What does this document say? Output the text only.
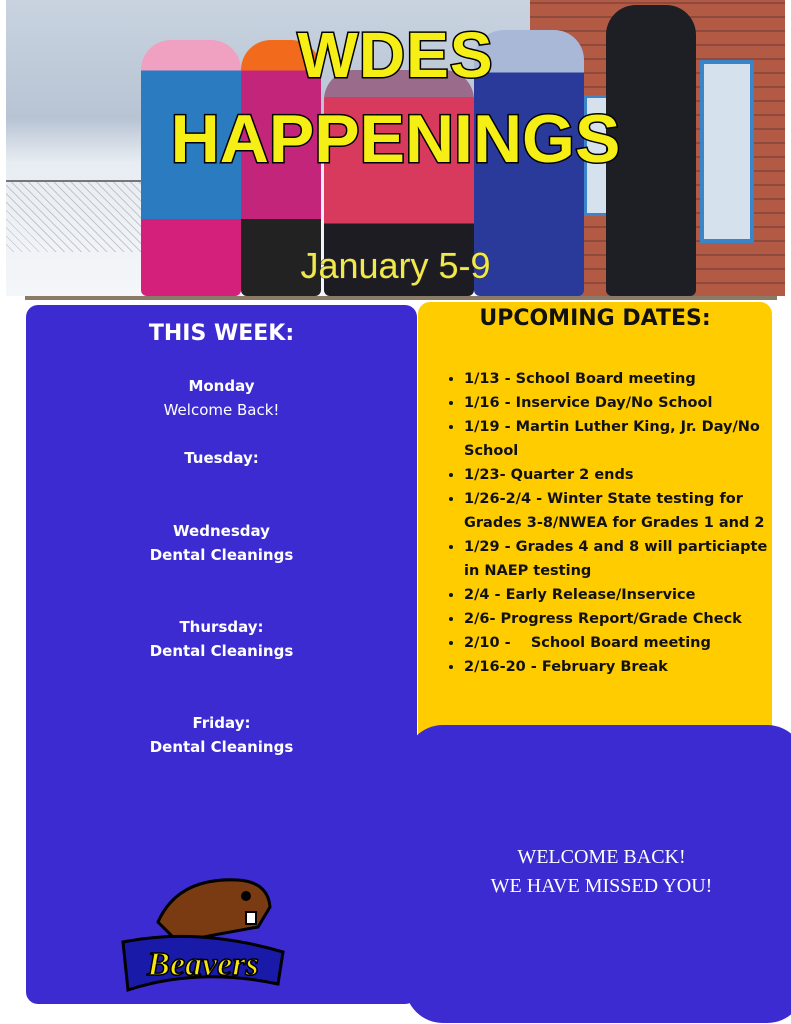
WDES
HAPPENINGS
January 5-9
THIS WEEK:
Monday
Welcome Back!
Tuesday:
Wednesday
Dental Cleanings
Thursday:
Dental Cleanings
Friday:
Dental Cleanings
UPCOMING DATES:
• 1/13 - School Board meeting
• 1/16 - Inservice Day/No School
• 1/19 - Martin Luther King, Jr. Day/No School
• 1/23- Quarter 2 ends
• 1/26-2/4 - Winter State testing for Grades 3-8/NWEA for Grades 1 and 2
• 1/29 - Grades 4 and 8 will particiapte in NAEP testing
• 2/4 - Early Release/Inservice
• 2/6- Progress Report/Grade Check
• 2/10 -    School Board meeting
• 2/16-20 - February Break
WELCOME BACK!
WE HAVE MISSED YOU!
Beavers
